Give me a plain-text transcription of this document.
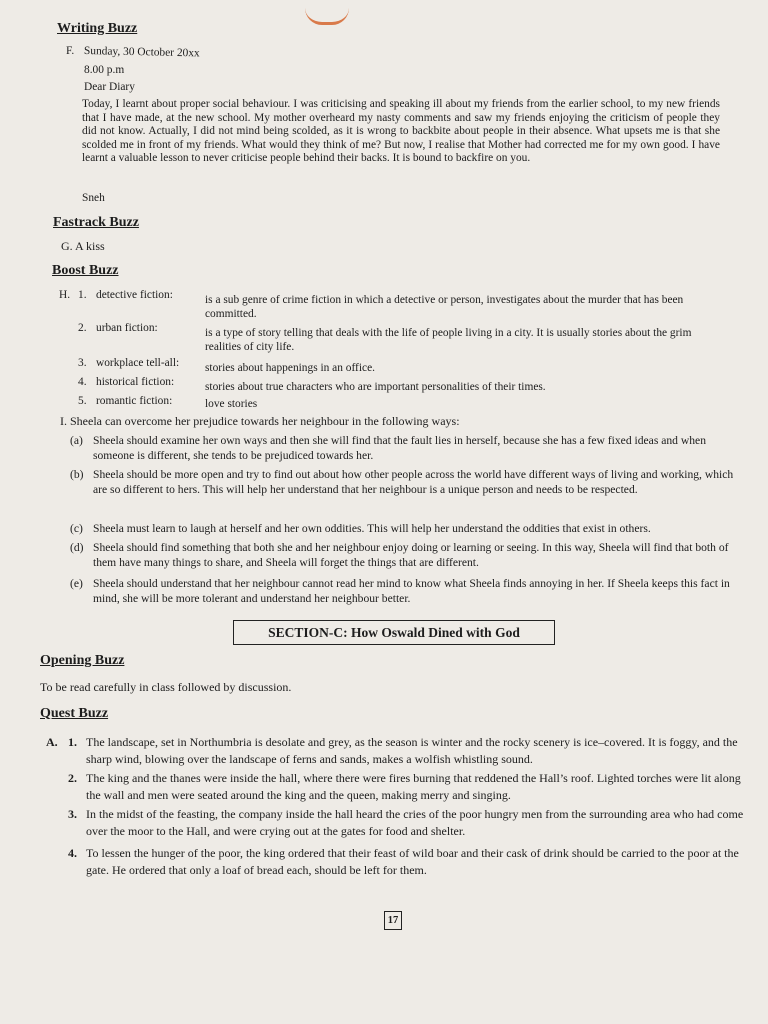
Writing Buzz
F. Sunday, 30 October 20xx
8.00 p.m
Dear Diary
Today, I learnt about proper social behaviour. I was criticising and speaking ill about my friends from the earlier school, to my new friends that I have made, at the new school. My mother overheard my nasty comments and saw my friends enjoying the criticism of people they did not know. Actually, I did not mind being scolded, as it is wrong to backbite about people in their absence. What upsets me is that she scolded me in front of my friends. What would they think of me? But now, I realise that Mother had corrected me for my own good. I have learnt a valuable lesson to never criticise people behind their backs. It is bound to backfire on you.
Sneh
Fastrack Buzz
G. A kiss
Boost Buzz
H. 1. detective fiction:	is a sub genre of crime fiction in which a detective or person, investigates about the murder that has been committed.
2. urban fiction:	is a type of story telling that deals with the life of people living in a city. It is usually stories about the grim realities of city life.
3. workplace tell-all: stories about happenings in an office.
4. historical fiction:	stories about true characters who are important personalities of their times.
5. romantic fiction:	love stories
I. Sheela can overcome her prejudice towards her neighbour in the following ways:
(a) Sheela should examine her own ways and then she will find that the fault lies in herself, because she has a few fixed ideas and when someone is different, she tends to be prejudiced towards her.
(b) Sheela should be more open and try to find out about how other people across the world have different ways of living and working, which are so different to hers. This will help her understand that her neighbour is a unique person and needs to be respected.
(c) Sheela must learn to laugh at herself and her own oddities. This will help her understand the oddities that exist in others.
(d) Sheela should find something that both she and her neighbour enjoy doing or learning or seeing. In this way, Sheela will find that both of them have many things to share, and Sheela will forget the things that are different.
(e) Sheela should understand that her neighbour cannot read her mind to know what Sheela finds annoying in her. If Sheela keeps this fact in mind, she will be more tolerant and understand her neighbour better.
SECTION-C: How Oswald Dined with God
Opening Buzz
To be read carefully in class followed by discussion.
Quest Buzz
A. 1. The landscape, set in Northumbria is desolate and grey, as the season is winter and the rocky scenery is ice–covered. It is foggy, and the sharp wind, blowing over the landscape of ferns and sands, makes a wolfish whistling sound.
2. The king and the thanes were inside the hall, where there were fires burning that reddened the Hall’s roof. Lighted torches were lit along the wall and men were seated around the king and the queen, making merry and singing.
3. In the midst of the feasting, the company inside the hall heard the cries of the poor hungry men from the surrounding area who had come over the moor to the Hall, and were crying out at the gates for food and shelter.
4. To lessen the hunger of the poor, the king ordered that their feast of wild boar and their cask of drink should be carried to the poor at the gate. He ordered that only a loaf of bread each, should be left for them.
17
